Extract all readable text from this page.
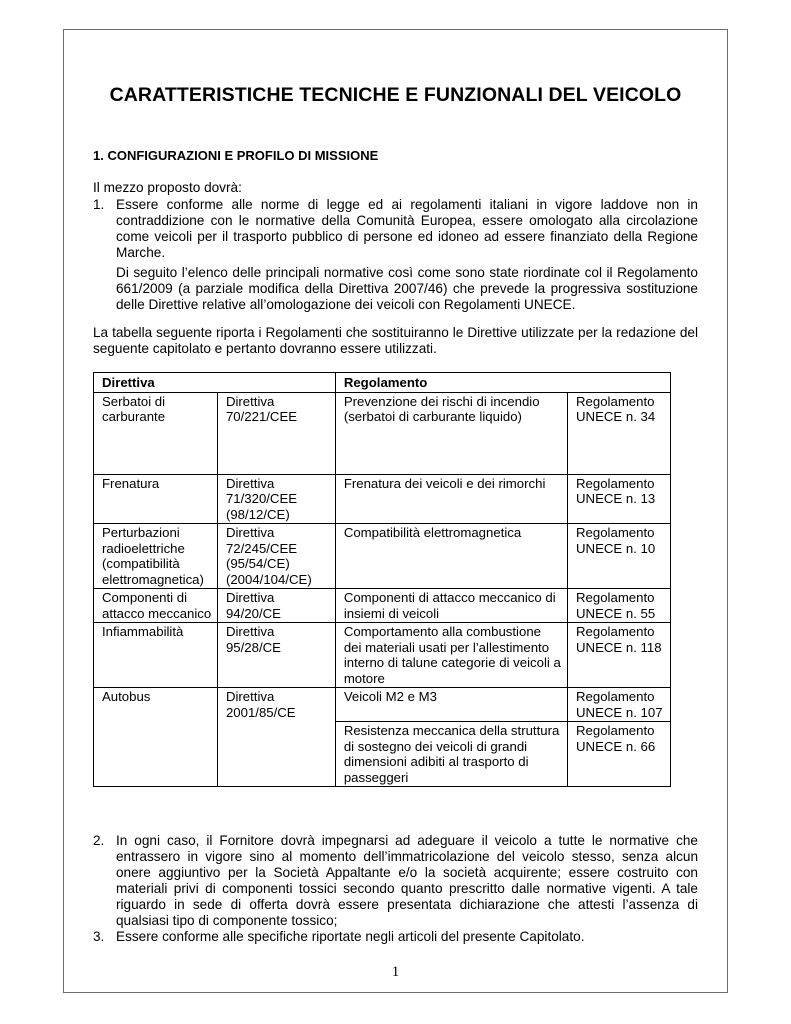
CARATTERISTICHE TECNICHE E FUNZIONALI DEL VEICOLO
1. CONFIGURAZIONI E PROFILO DI MISSIONE
Il mezzo proposto dovrà:
1. Essere conforme alle norme di legge ed ai regolamenti italiani in vigore laddove non in contraddizione con le normative della Comunità Europea, essere omologato alla circolazione come veicoli per il trasporto pubblico di persone ed idoneo ad essere finanziato della Regione Marche.

Di seguito l’elenco delle principali normative così come sono state riordinate col il Regolamento 661/2009 (a parziale modifica della Direttiva 2007/46) che prevede la progressiva sostituzione delle Direttive relative all’omologazione dei veicoli con Regolamenti UNECE.

La tabella seguente riporta i Regolamenti che sostituiranno le Direttive utilizzate per la redazione del seguente capitolato e pertanto dovranno essere utilizzati.
Direttiva		Regolamento	
Serbatoi di carburante	Direttiva 70/221/CEE	Prevenzione dei rischi di incendio (serbatoi di carburante liquido)	Regolamento UNECE n. 34
Frenatura	Direttiva 71/320/CEE (98/12/CE)	Frenatura dei veicoli e dei rimorchi	Regolamento UNECE n. 13
Perturbazioni radioelettriche (compatibilità elettromagnetica)	Direttiva 72/245/CEE (95/54/CE) (2004/104/CE)	Compatibilità elettromagnetica	Regolamento UNECE n. 10
Componenti di attacco meccanico	Direttiva 94/20/CE	Componenti di attacco meccanico di insiemi di veicoli	Regolamento UNECE n. 55
Infiammabilità	Direttiva 95/28/CE	Comportamento alla combustione dei materiali usati per l’allestimento interno di talune categorie di veicoli a motore	Regolamento UNECE n. 118
Autobus	Direttiva 2001/85/CE	Veicoli M2 e M3	Regolamento UNECE n. 107
		Resistenza meccanica della struttura di sostegno dei veicoli di grandi dimensioni adibiti al trasporto di passeggeri	Regolamento UNECE n. 66
2. In ogni caso, il Fornitore dovrà impegnarsi ad adeguare il veicolo a tutte le normative che entrassero in vigore sino al momento dell’immatricolazione del veicolo stesso, senza alcun onere aggiuntivo per la Società Appaltante e/o la società acquirente; essere costruito con materiali privi di componenti tossici secondo quanto prescritto dalle normative vigenti. A tale riguardo in sede di offerta dovrà essere presentata dichiarazione che attesti l’assenza di qualsiasi tipo di componente tossico;
3. Essere conforme alle specifiche riportate negli articoli del presente Capitolato.
1
